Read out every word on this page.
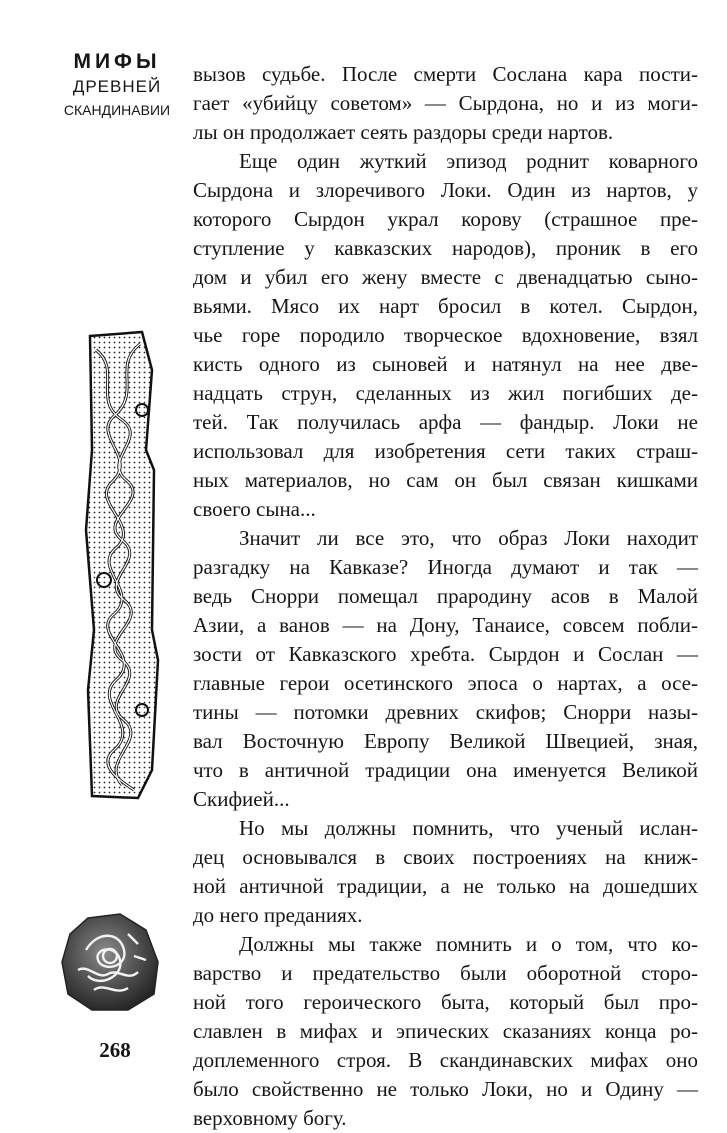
МИФЫ
ДРЕВНЕЙ
СКАНДИНАВИИ
вызов судьбе. После смерти Сослана кара пости-
гает «убийцу советом» — Сырдона, но и из моги-
лы он продолжает сеять раздоры среди нартов.
Еще один жуткий эпизод роднит коварного
Сырдона и злоречивого Локи. Один из нартов, у
которого Сырдон украл корову (страшное пре-
ступление у кавказских народов), проник в его
дом и убил его жену вместе с двенадцатью сыно-
вьями. Мясо их нарт бросил в котел. Сырдон,
чье горе породило творческое вдохновение, взял
кисть одного из сыновей и натянул на нее две-
надцать струн, сделанных из жил погибших де-
тей. Так получилась арфа — фандыр. Локи не
использовал для изобретения сети таких страш-
ных материалов, но сам он был связан кишками
своего сына...
Значит ли все это, что образ Локи находит
разгадку на Кавказе? Иногда думают и так —
ведь Снорри помещал прародину асов в Малой
Азии, а ванов — на Дону, Танаисе, совсем побли-
зости от Кавказского хребта. Сырдон и Сослан —
главные герои осетинского эпоса о нартах, а осе-
тины — потомки древних скифов; Снорри назы-
вал Восточную Европу Великой Швецией, зная,
что в античной традиции она именуется Великой
Скифией...
Но мы должны помнить, что ученый ислан-
дец основывался в своих построениях на книж-
ной античной традиции, а не только на дошедших
до него преданиях.
Должны мы также помнить и о том, что ко-
варство и предательство были оборотной сторо-
ной того героического быта, который был про-
славлен в мифах и эпических сказаниях конца ро-
доплеменного строя. В скандинавских мифах оно
было свойственно не только Локи, но и Одину —
верховному богу.
268
